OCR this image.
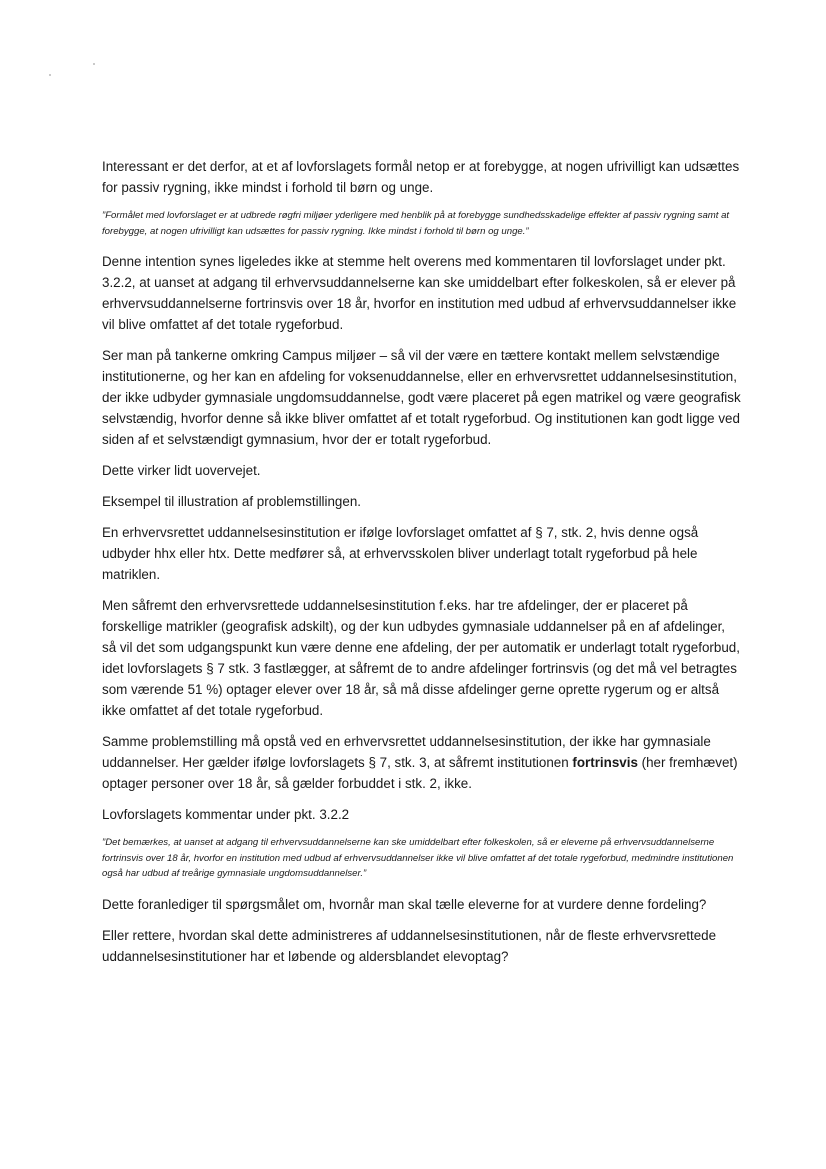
Interessant er det derfor, at et af lovforslagets formål netop er at forebygge, at nogen ufrivilligt kan udsættes for passiv rygning, ikke mindst i forhold til børn og unge.

”Formålet med lovforslaget er at udbrede røgfri miljøer yderligere med henblik på at forebygge sundhedsskadelige effekter af passiv rygning samt at forebygge, at nogen ufrivilligt kan udsættes for passiv rygning. Ikke mindst i forhold til børn og unge.”

Denne intention synes ligeledes ikke at stemme helt overens med kommentaren til lovforslaget under pkt. 3.2.2, at uanset at adgang til erhvervsuddannelserne kan ske umiddelbart efter folkeskolen, så er elever på erhvervsuddannelserne fortrinsvis over 18 år, hvorfor en institution med udbud af erhvervsuddannelser ikke vil blive omfattet af det totale rygeforbud.

Ser man på tankerne omkring Campus miljøer – så vil der være en tættere kontakt mellem selvstændige institutionerne, og her kan en afdeling for voksenuddannelse, eller en erhvervsrettet uddannelsesinstitution, der ikke udbyder gymnasiale ungdomsuddannelse, godt være placeret på egen matrikel og være geografisk selvstændig, hvorfor denne så ikke bliver omfattet af et totalt rygeforbud. Og institutionen kan godt ligge ved siden af et selvstændigt gymnasium, hvor der er totalt rygeforbud.

Dette virker lidt uovervejet.

Eksempel til illustration af problemstillingen.

En erhvervsrettet uddannelsesinstitution er ifølge lovforslaget omfattet af § 7, stk. 2, hvis denne også udbyder hhx eller htx. Dette medfører så, at erhvervsskolen bliver underlagt totalt rygeforbud på hele matriklen.

Men såfremt den erhvervsrettede uddannelsesinstitution f.eks. har tre afdelinger, der er placeret på forskellige matrikler (geografisk adskilt), og der kun udbydes gymnasiale uddannelser på en af afdelinger, så vil det som udgangspunkt kun være denne ene afdeling, der per automatik er underlagt totalt rygeforbud, idet lovforslagets § 7 stk. 3 fastlægger, at såfremt de to andre afdelinger fortrinsvis (og det må vel betragtes som værende 51 %) optager elever over 18 år, så må disse afdelinger gerne oprette rygerum og er altså ikke omfattet af det totale rygeforbud.

Samme problemstilling må opstå ved en erhvervsrettet uddannelsesinstitution, der ikke har gymnasiale uddannelser. Her gælder ifølge lovforslagets § 7, stk. 3, at såfremt institutionen fortrinsvis (her fremhævet) optager personer over 18 år, så gælder forbuddet i stk. 2, ikke.

Lovforslagets kommentar under pkt. 3.2.2

”Det bemærkes, at uanset at adgang til erhvervsuddannelserne kan ske umiddelbart efter folkeskolen, så er eleverne på erhvervsuddannelserne fortrinsvis over 18 år, hvorfor en institution med udbud af erhvervsuddannelser ikke vil blive omfattet af det totale rygeforbud, medmindre institutionen også har udbud af treårige gymnasiale ungdomsuddannelser.”

Dette foranlediger til spørgsmålet om, hvornår man skal tælle eleverne for at vurdere denne fordeling?

Eller rettere, hvordan skal dette administreres af uddannelsesinstitutionen, når de fleste erhvervsrettede uddannelsesinstitutioner har et løbende og aldersblandet elevoptag?
